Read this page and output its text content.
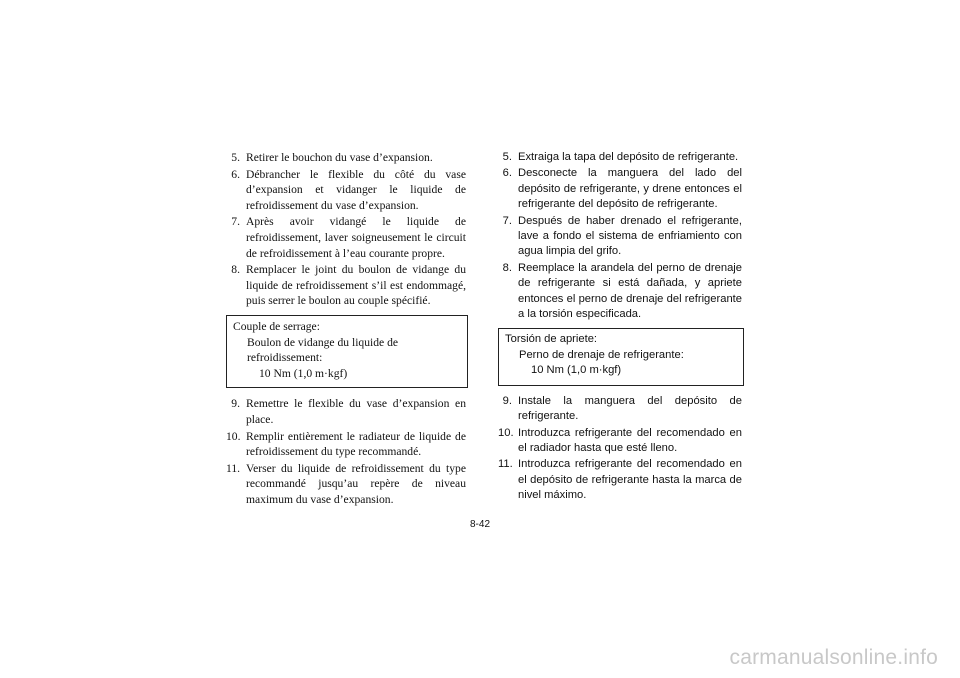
5. Retirer le bouchon du vase d’expansion.
6. Débrancher le flexible du côté du vase d’expansion et vidanger le liquide de refroidissement du vase d’expansion.
7. Après avoir vidangé le liquide de refroidissement, laver soigneusement le circuit de refroidissement à l’eau courante propre.
8. Remplacer le joint du boulon de vidange du liquide de refroidissement s’il est endommagé, puis serrer le boulon au couple spécifié.
Couple de serrage:
Boulon de vidange du liquide de refroidissement:
10 Nm (1,0 m·kgf)
9. Remettre le flexible du vase d’expansion en place.
10. Remplir entièrement le radiateur de liquide de refroidissement du type recommandé.
11. Verser du liquide de refroidissement du type recommandé jusqu’au repère de niveau maximum du vase d’expansion.
5. Extraiga la tapa del depósito de refrigerante.
6. Desconecte la manguera del lado del depósito de refrigerante, y drene entonces el refrigerante del depósito de refrigerante.
7. Después de haber drenado el refrigerante, lave a fondo el sistema de enfriamiento con agua limpia del grifo.
8. Reemplace la arandela del perno de drenaje de refrigerante si está dañada, y apriete entonces el perno de drenaje del refrigerante a la torsión especificada.
Torsión de apriete:
Perno de drenaje de refrigerante:
10 Nm (1,0 m·kgf)
9. Instale la manguera del depósito de refrigerante.
10. Introduzca refrigerante del recomendado en el radiador hasta que esté lleno.
11. Introduzca refrigerante del recomendado en el depósito de refrigerante hasta la marca de nivel máximo.
8-42
carmanualsonline.info
